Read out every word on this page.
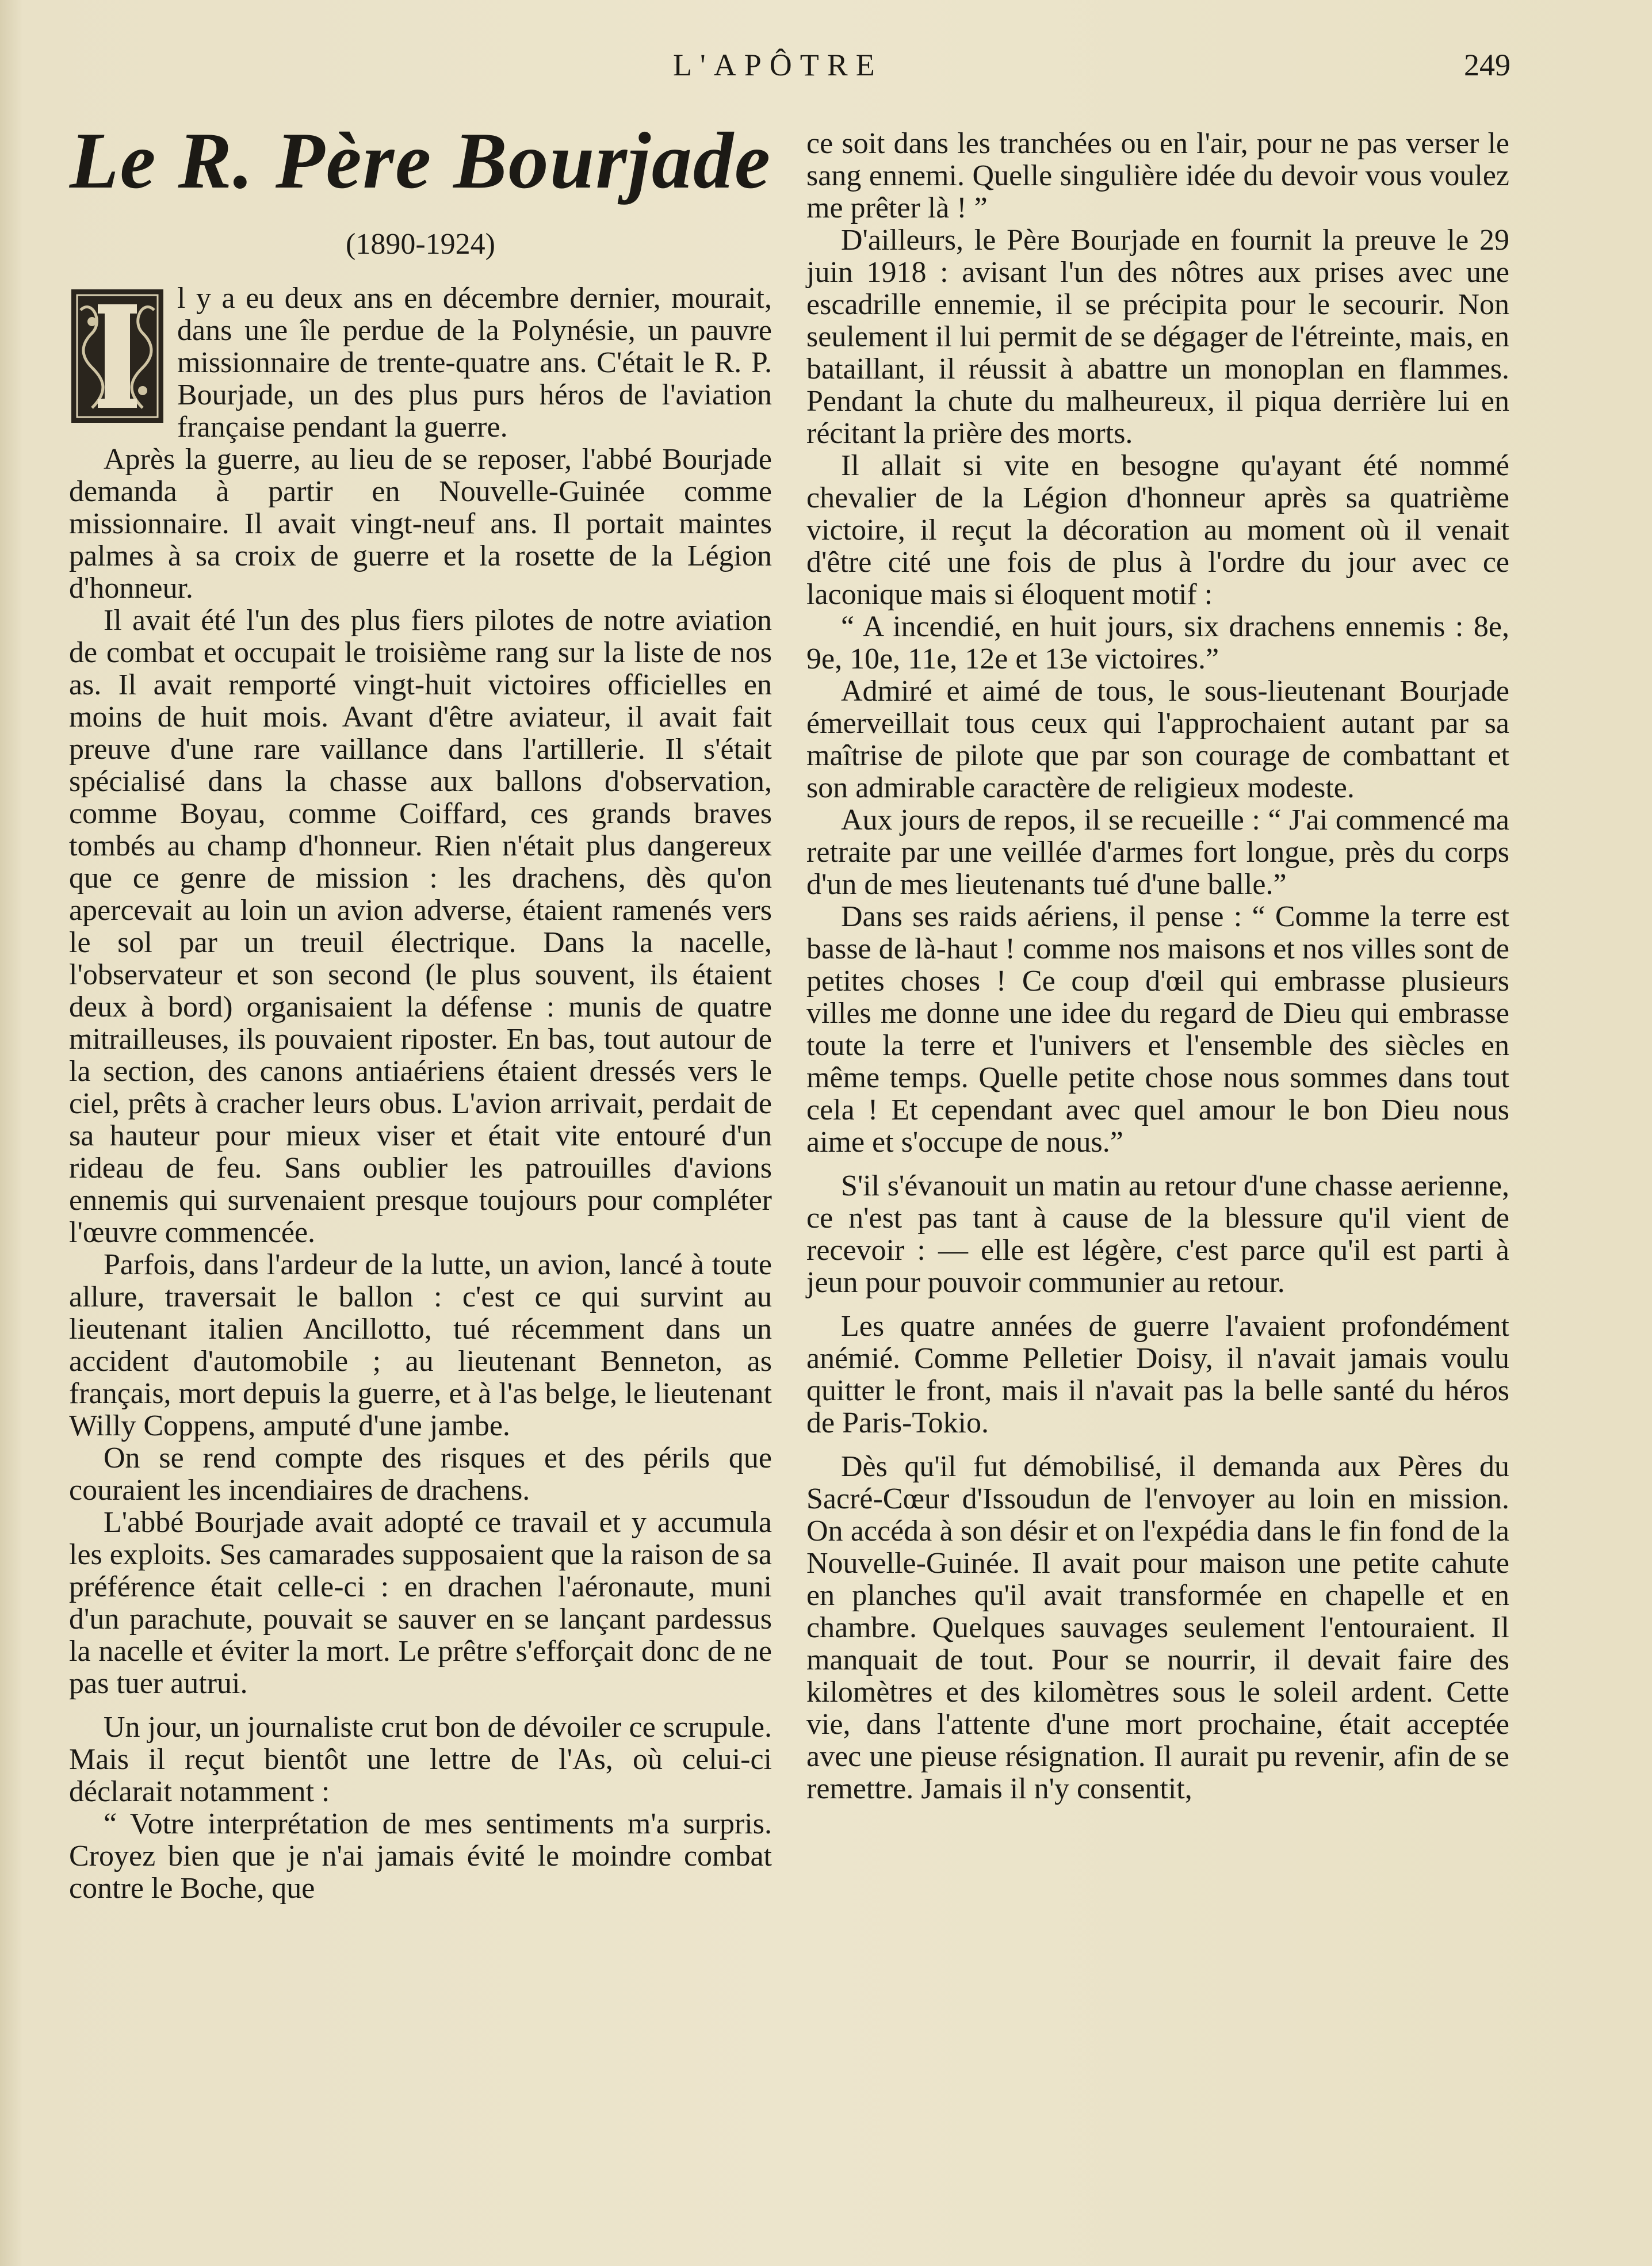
L'APÔTRE	249
Le R. Père Bourjade
(1890-1924)

l y a eu deux ans en décembre dernier, mourait, dans une île perdue de la Polynésie, un pauvre missionnaire de trente-quatre ans. C'était le R. P. Bourjade, un des plus purs héros de l'aviation française pendant la guerre.

Après la guerre, au lieu de se reposer, l'abbé Bourjade demanda à partir en Nouvelle-Guinée comme missionnaire. Il avait vingt-neuf ans. Il portait maintes palmes à sa croix de guerre et la rosette de la Légion d'honneur.

Il avait été l'un des plus fiers pilotes de notre aviation de combat et occupait le troisième rang sur la liste de nos as. Il avait remporté vingt-huit victoires officielles en moins de huit mois. Avant d'être aviateur, il avait fait preuve d'une rare vaillance dans l'artillerie. Il s'était spécialisé dans la chasse aux ballons d'observation, comme Boyau, comme Coiffard, ces grands braves tombés au champ d'honneur. Rien n'était plus dangereux que ce genre de mission : les drachens, dès qu'on apercevait au loin un avion adverse, étaient ramenés vers le sol par un treuil électrique. Dans la nacelle, l'observateur et son second (le plus souvent, ils étaient deux à bord) organisaient la défense : munis de quatre mitrailleuses, ils pouvaient riposter. En bas, tout autour de la section, des canons antiaériens étaient dressés vers le ciel, prêts à cracher leurs obus. L'avion arrivait, perdait de sa hauteur pour mieux viser et était vite entouré d'un rideau de feu. Sans oublier les patrouilles d'avions ennemis qui survenaient presque toujours pour compléter l'œuvre commencée.

Parfois, dans l'ardeur de la lutte, un avion, lancé à toute allure, traversait le ballon : c'est ce qui survint au lieutenant italien Ancillotto, tué récemment dans un accident d'automobile ; au lieutenant Benneton, as français, mort depuis la guerre, et à l'as belge, le lieutenant Willy Coppens, amputé d'une jambe.

On se rend compte des risques et des périls que couraient les incendiaires de drachens.

L'abbé Bourjade avait adopté ce travail et y accumula les exploits. Ses camarades supposaient que la raison de sa préférence était celle-ci : en drachen l'aéronaute, muni d'un parachute, pouvait se sauver en se lançant pardessus la nacelle et éviter la mort. Le prêtre s'efforçait donc de ne pas tuer autrui.

Un jour, un journaliste crut bon de dévoiler ce scrupule. Mais il reçut bientôt une lettre de l'As, où celui-ci déclarait notamment :

“ Votre interprétation de mes sentiments m'a surpris. Croyez bien que je n'ai jamais évité le moindre combat contre le Boche, que

ce soit dans les tranchées ou en l'air, pour ne pas verser le sang ennemi. Quelle singulière idée du devoir vous voulez me prêter là ! ”

D'ailleurs, le Père Bourjade en fournit la preuve le 29 juin 1918 : avisant l'un des nôtres aux prises avec une escadrille ennemie, il se précipita pour le secourir. Non seulement il lui permit de se dégager de l'étreinte, mais, en bataillant, il réussit à abattre un monoplan en flammes. Pendant la chute du malheureux, il piqua derrière lui en récitant la prière des morts.

Il allait si vite en besogne qu'ayant été nommé chevalier de la Légion d'honneur après sa quatrième victoire, il reçut la décoration au moment où il venait d'être cité une fois de plus à l'ordre du jour avec ce laconique mais si éloquent motif :

“ A incendié, en huit jours, six drachens ennemis : 8e, 9e, 10e, 11e, 12e et 13e victoires.”

Admiré et aimé de tous, le sous-lieutenant Bourjade émerveillait tous ceux qui l'approchaient autant par sa maîtrise de pilote que par son courage de combattant et son admirable caractère de religieux modeste.

Aux jours de repos, il se recueille : “ J'ai commencé ma retraite par une veillée d'armes fort longue, près du corps d'un de mes lieutenants tué d'une balle.”

Dans ses raids aériens, il pense : “ Comme la terre est basse de là-haut ! comme nos maisons et nos villes sont de petites choses ! Ce coup d'œil qui embrasse plusieurs villes me donne une idee du regard de Dieu qui embrasse toute la terre et l'univers et l'ensemble des siècles en même temps. Quelle petite chose nous sommes dans tout cela ! Et cependant avec quel amour le bon Dieu nous aime et s'occupe de nous.”

S'il s'évanouit un matin au retour d'une chasse aerienne, ce n'est pas tant à cause de la blessure qu'il vient de recevoir : — elle est légère, c'est parce qu'il est parti à jeun pour pouvoir communier au retour.

Les quatre années de guerre l'avaient profondément anémié. Comme Pelletier Doisy, il n'avait jamais voulu quitter le front, mais il n'avait pas la belle santé du héros de Paris-Tokio.

Dès qu'il fut démobilisé, il demanda aux Pères du Sacré-Cœur d'Issoudun de l'envoyer au loin en mission. On accéda à son désir et on l'expédia dans le fin fond de la Nouvelle-Guinée. Il avait pour maison une petite cahute en planches qu'il avait transformée en chapelle et en chambre. Quelques sauvages seulement l'entouraient. Il manquait de tout. Pour se nourrir, il devait faire des kilomètres et des kilomètres sous le soleil ardent. Cette vie, dans l'attente d'une mort prochaine, était acceptée avec une pieuse résignation. Il aurait pu revenir, afin de se remettre. Jamais il n'y consentit,
